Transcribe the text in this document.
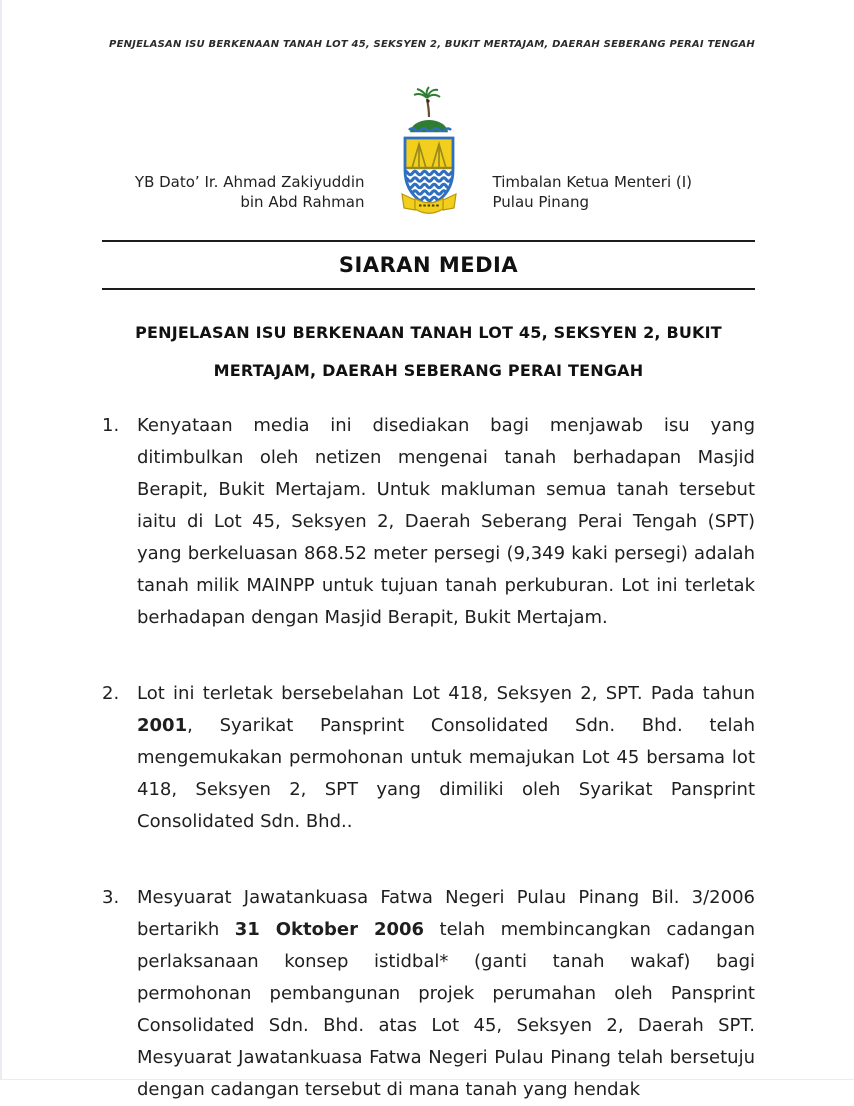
PENJELASAN ISU BERKENAAN TANAH LOT 45, SEKSYEN 2, BUKIT MERTAJAM, DAERAH SEBERANG PERAI TENGAH
YB Dato’ Ir. Ahmad Zakiyuddin
bin Abd Rahman
Timbalan Ketua Menteri (I)
Pulau Pinang
SIARAN MEDIA
PENJELASAN ISU BERKENAAN TANAH LOT 45, SEKSYEN 2, BUKIT MERTAJAM, DAERAH SEBERANG PERAI TENGAH
1. Kenyataan media ini disediakan bagi menjawab isu yang ditimbulkan oleh netizen mengenai tanah berhadapan Masjid Berapit, Bukit Mertajam. Untuk makluman semua tanah tersebut iaitu di Lot 45, Seksyen 2, Daerah Seberang Perai Tengah (SPT) yang berkeluasan 868.52 meter persegi (9,349 kaki persegi) adalah tanah milik MAINPP untuk tujuan tanah perkuburan. Lot ini terletak berhadapan dengan Masjid Berapit, Bukit Mertajam.
2. Lot ini terletak bersebelahan Lot 418, Seksyen 2, SPT. Pada tahun 2001, Syarikat Pansprint Consolidated Sdn. Bhd. telah mengemukakan permohonan untuk memajukan Lot 45 bersama lot 418, Seksyen 2, SPT yang dimiliki oleh Syarikat Pansprint Consolidated Sdn. Bhd..
3. Mesyuarat Jawatankuasa Fatwa Negeri Pulau Pinang Bil. 3/2006 bertarikh 31 Oktober 2006 telah membincangkan cadangan perlaksanaan konsep istidbal* (ganti tanah wakaf) bagi permohonan pembangunan projek perumahan oleh Pansprint Consolidated Sdn. Bhd. atas Lot 45, Seksyen 2, Daerah SPT. Mesyuarat Jawatankuasa Fatwa Negeri Pulau Pinang telah bersetuju dengan cadangan tersebut di mana tanah yang hendak
